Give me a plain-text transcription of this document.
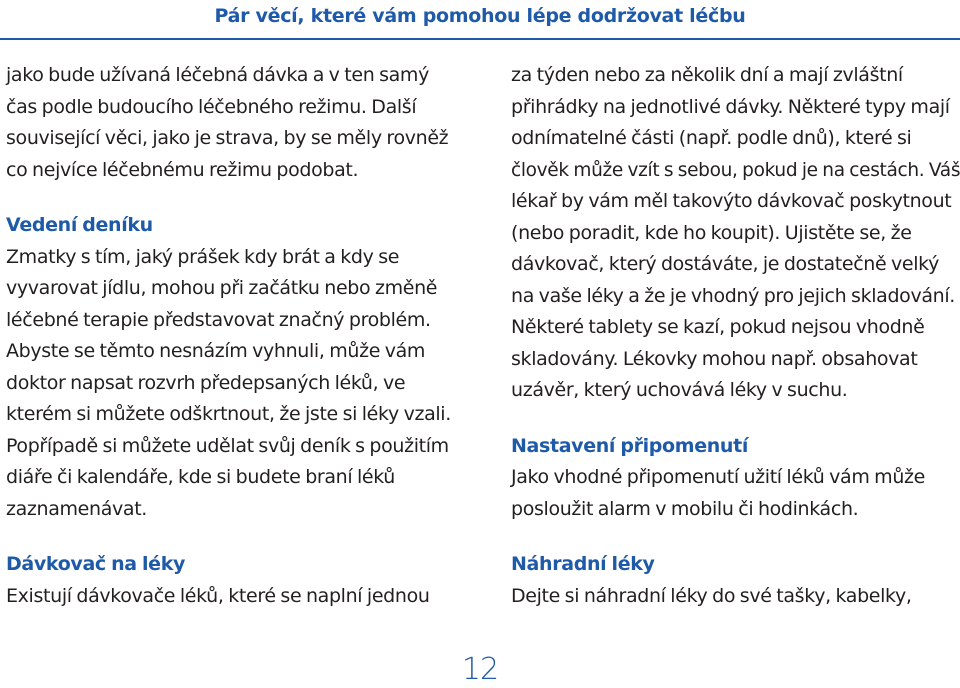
Pár věcí, které vám pomohou lépe dodržovat léčbu
jako bude užívaná léčebná dávka a v ten samý
čas podle budoucího léčebného režimu. Další
související věci, jako je strava, by se měly rovněž
co nejvíce léčebnému režimu podobat.
Vedení deníku
Zmatky s tím, jaký prášek kdy brát a kdy se
vyvarovat jídlu, mohou při začátku nebo změně
léčebné terapie představovat značný problém.
Abyste se těmto nesnázím vyhnuli, může vám
doktor napsat rozvrh předepsaných léků, ve
kterém si můžete odškrtnout, že jste si léky vzali.
Popřípadě si můžete udělat svůj deník s použitím
diáře či kalendáře, kde si budete braní léků
zaznamenávat.
Dávkovač na léky
Existují dávkovače léků, které se naplní jednou
za týden nebo za několik dní a mají zvláštní
přihrádky na jednotlivé dávky. Některé typy mají
odnímatelné části (např. podle dnů), které si
člověk může vzít s sebou, pokud je na cestách. Váš
lékař by vám měl takovýto dávkovač poskytnout
(nebo poradit, kde ho koupit). Ujistěte se, že
dávkovač, který dostáváte, je dostatečně velký
na vaše léky a že je vhodný pro jejich skladování.
Některé tablety se kazí, pokud nejsou vhodně
skladovány. Lékovky mohou např. obsahovat
uzávěr, který uchovává léky v suchu.
Nastavení připomenutí
Jako vhodné připomenutí užití léků vám může
posloužit alarm v mobilu či hodinkách.
Náhradní léky
Dejte si náhradní léky do své tašky, kabelky,
12
